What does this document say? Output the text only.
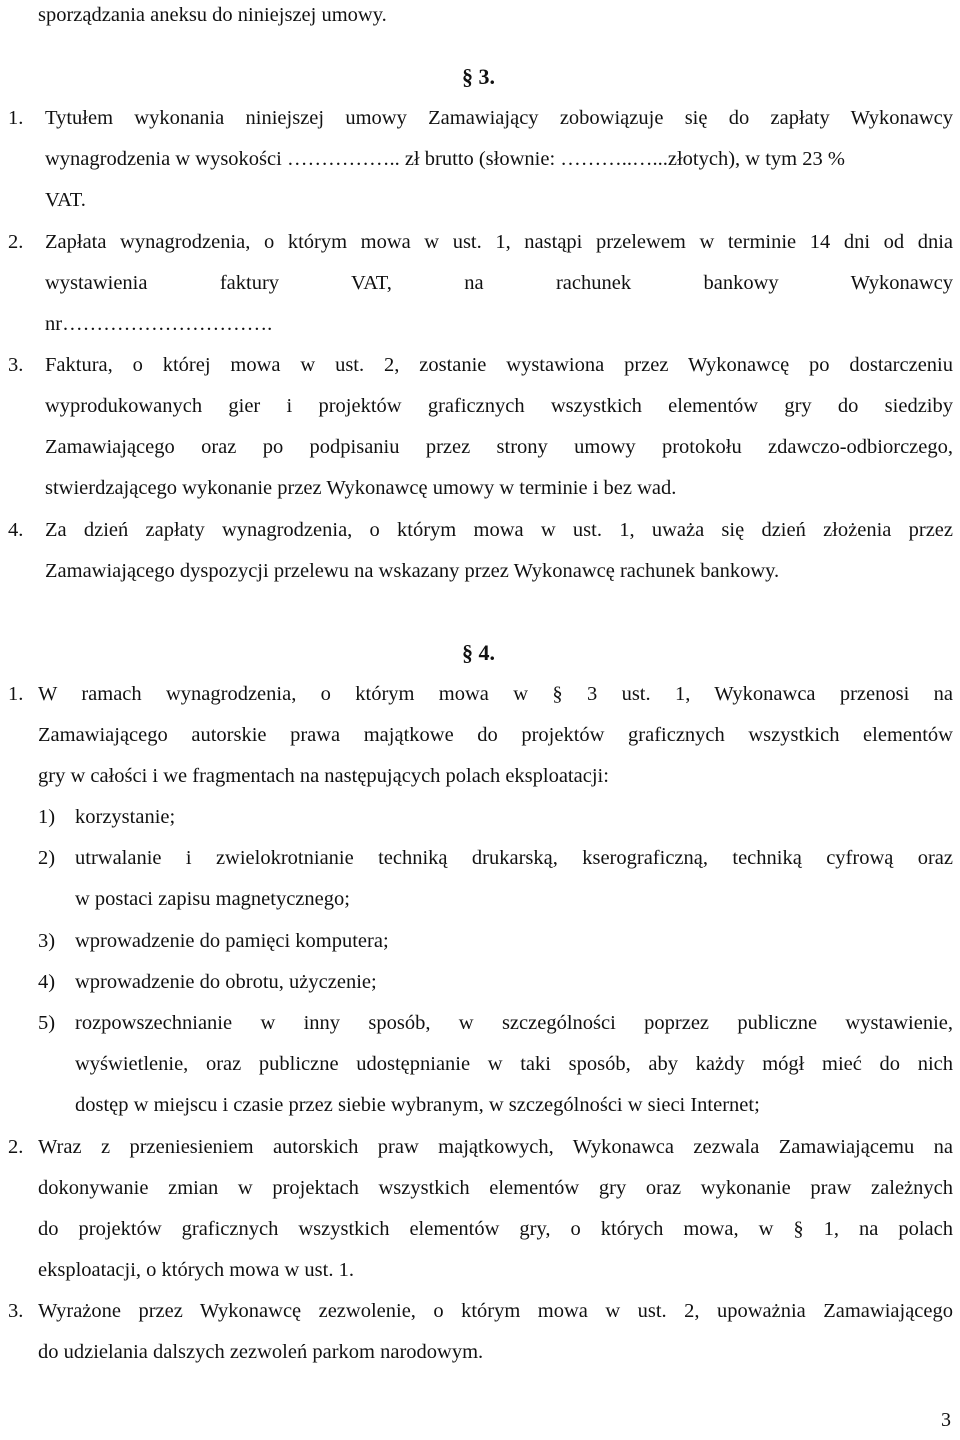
sporządzania aneksu do niniejszej umowy.

§ 3.
1. Tytułem wykonania niniejszej umowy Zamawiający zobowiązuje się do zapłaty Wykonawcy

wynagrodzenia w wysokości …………….. zł brutto (słownie: ………..…...złotych), w tym 23 %

VAT.

2. Zapłata wynagrodzenia, o którym mowa w ust. 1, nastąpi przelewem w terminie 14 dni od dnia

wystawienia faktury VAT, na rachunek bankowy Wykonawcy

nr………………………….

3. Faktura, o której mowa w ust. 2, zostanie wystawiona przez Wykonawcę po dostarczeniu

wyprodukowanych gier i projektów graficznych wszystkich elementów gry do siedziby

Zamawiającego oraz po podpisaniu przez strony umowy protokołu zdawczo-odbiorczego,

stwierdzającego wykonanie przez Wykonawcę umowy w terminie i bez wad.

4. Za dzień zapłaty wynagrodzenia, o którym mowa w ust. 1, uważa się dzień złożenia przez

Zamawiającego dyspozycji przelewu na wskazany przez Wykonawcę rachunek bankowy.

§ 4.
1. W ramach wynagrodzenia, o którym mowa w § 3 ust. 1, Wykonawca przenosi na

Zamawiającego autorskie prawa majątkowe do projektów graficznych wszystkich elementów

gry w całości i we fragmentach na następujących polach eksploatacji:

1) korzystanie;

2) utrwalanie i zwielokrotnianie techniką drukarską, kserograficzną, techniką cyfrową oraz

w postaci zapisu magnetycznego;

3) wprowadzenie do pamięci komputera;

4) wprowadzenie do obrotu, użyczenie;

5) rozpowszechnianie w inny sposób, w szczególności poprzez publiczne wystawienie,

wyświetlenie, oraz publiczne udostępnianie w taki sposób, aby każdy mógł mieć do nich

dostęp w miejscu i czasie przez siebie wybranym, w szczególności w sieci Internet;

2. Wraz z przeniesieniem autorskich praw majątkowych, Wykonawca zezwala Zamawiającemu na

dokonywanie zmian w projektach wszystkich elementów gry oraz wykonanie praw zależnych

do projektów graficznych wszystkich elementów gry, o których mowa, w § 1, na polach

eksploatacji, o których mowa w ust. 1.

3. Wyrażone przez Wykonawcę zezwolenie, o którym mowa w ust. 2, upoważnia Zamawiającego

do udzielania dalszych zezwoleń parkom narodowym.

3
